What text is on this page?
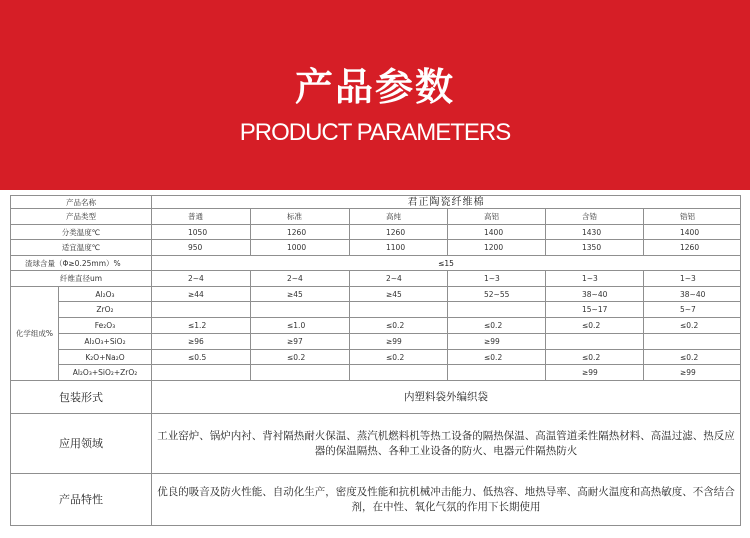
产品参数
PRODUCT PARAMETERS
产品名称		君正陶瓷纤维棉					
产品类型		普通	标准	高纯	高铝	含锆	锆铝
分类温度℃		1050	1260	1260	1400	1430	1400
适宜温度℃		950	1000	1100	1200	1350	1260
渣球含量（Φ≥0.25mm）%		≤15					
纤维直径um		2~4	2~4	2~4	1~3	1~3	1~3
化学组成%	Al₂O₃	≥44	≥45	≥45	52~55	38~40	38~40
	ZrO₂					15~17	5~7
	Fe₂O₃	≤1.2	≤1.0	≤0.2	≤0.2	≤0.2	≤0.2
	Al₂O₃+SiO₂	≥96	≥97	≥99	≥99		
	K₂O+Na₂O	≤0.5	≤0.2	≤0.2	≤0.2	≤0.2	≤0.2
	Al₂O₃+SiO₂+ZrO₂					≥99	≥99
包装形式		内塑料袋外编织袋					
应用领域		工业窑炉、锅炉内衬、背衬隔热耐火保温、蒸汽机燃料机等热工设备的隔热保温、高温管道柔性隔热材料、高温过滤、热反应器的保温隔热、各种工业设备的防火、电器元件隔热防火					
产品特性		优良的吸音及防火性能、自动化生产，密度及性能和抗机械冲击能力、低热容、地热导率、高耐火温度和高热敏度、不含结合剂，在中性、氧化气氛的作用下长期使用					
